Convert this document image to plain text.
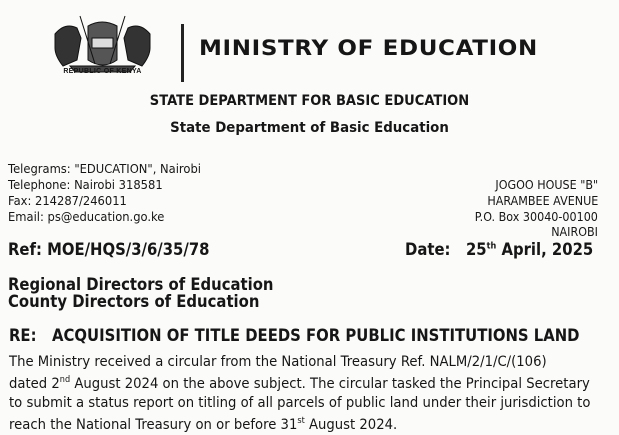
REPUBLIC OF KENYA
MINISTRY OF EDUCATION
STATE DEPARTMENT FOR BASIC EDUCATION
State Department of Basic Education
Telegrams: "EDUCATION", Nairobi
Telephone: Nairobi 318581
Fax: 214287/246011
Email: ps@education.go.ke
JOGOO HOUSE "B"
HARAMBEE AVENUE
P.O. Box 30040-00100
NAIROBI
Ref: MOE/HQS/3/6/35/78	Date: 25th April, 2025
Regional Directors of Education
County Directors of Education
RE: ACQUISITION OF TITLE DEEDS FOR PUBLIC INSTITUTIONS LAND
The Ministry received a circular from the National Treasury Ref. NALM/2/1/C/(106)
dated 2nd August 2024 on the above subject. The circular tasked the Principal Secretary
to submit a status report on titling of all parcels of public land under their jurisdiction to
reach the National Treasury on or before 31st August 2024.
